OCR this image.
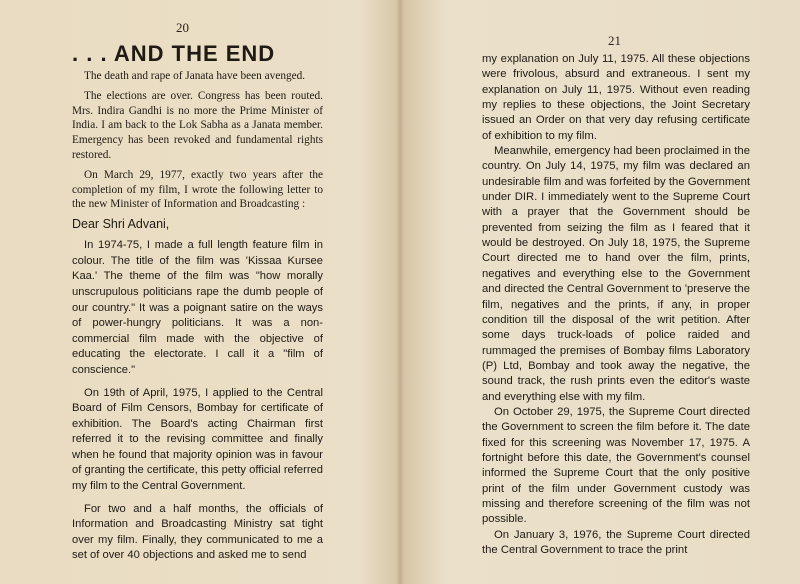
20
. . . AND THE END

The death and rape of Janata have been avenged.

The elections are over. Congress has been routed. Mrs. Indira Gandhi is no more the Prime Minister of India. I am back to the Lok Sabha as a Janata member. Emergency has been revoked and fundamental rights restored.

On March 29, 1977, exactly two years after the completion of my film, I wrote the following letter to the new Minister of Information and Broadcasting :

Dear Shri Advani,

In 1974-75, I made a full length feature film in colour. The title of the film was 'Kissaa Kursee Kaa.' The theme of the film was "how morally unscrupulous politicians rape the dumb people of our country." It was a poignant satire on the ways of power-hungry politicians. It was a non-commercial film made with the objective of educating the electorate. I call it a "film of conscience."

On 19th of April, 1975, I applied to the Central Board of Film Censors, Bombay for certificate of exhibition. The Board's acting Chairman first referred it to the revising committee and finally when he found that majority opinion was in favour of granting the certificate, this petty official referred my film to the Central Government.

For two and a half months, the officials of Information and Broadcasting Ministry sat tight over my film. Finally, they communicated to me a set of over 40 objections and asked me to send

21

my explanation on July 11, 1975. All these objections were frivolous, absurd and extraneous. I sent my explanation on July 11, 1975. Without even reading my replies to these objections, the Joint Secretary issued an Order on that very day refusing certificate of exhibition to my film.

Meanwhile, emergency had been proclaimed in the country. On July 14, 1975, my film was declared an undesirable film and was forfeited by the Government under DIR. I immediately went to the Supreme Court with a prayer that the Government should be prevented from seizing the film as I feared that it would be destroyed. On July 18, 1975, the Supreme Court directed me to hand over the film, prints, negatives and everything else to the Government and directed the Central Government to 'preserve the film, negatives and the prints, if any, in proper condition till the disposal of the writ petition. After some days truck-loads of police raided and rummaged the premises of Bombay films Laboratory (P) Ltd, Bombay and took away the negative, the sound track, the rush prints even the editor's waste and everything else with my film.

On October 29, 1975, the Supreme Court directed the Government to screen the film before it. The date fixed for this screening was November 17, 1975. A fortnight before this date, the Government's counsel informed the Supreme Court that the only positive print of the film under Government custody was missing and therefore screening of the film was not possible.

On January 3, 1976, the Supreme Court directed the Central Government to trace the print
